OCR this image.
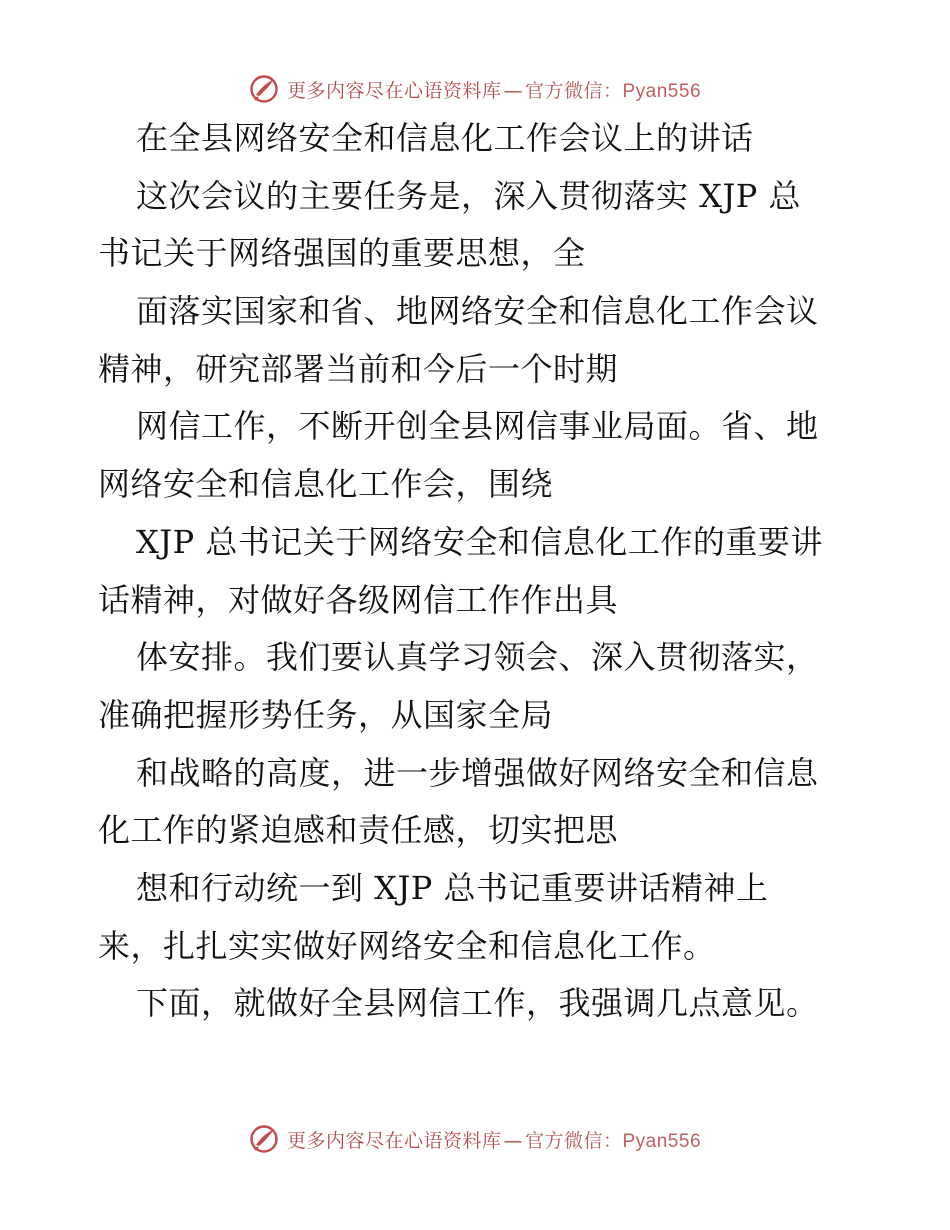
更多内容尽在心语资料库 — 官方微信：Pyan556
在全县网络安全和信息化工作会议上的讲话
这次会议的主要任务是，深入贯彻落实 XJP 总
书记关于网络强国的重要思想，全
面落实国家和省、地网络安全和信息化工作会议
精神，研究部署当前和今后一个时期
网信工作，不断开创全县网信事业局面。省、地
网络安全和信息化工作会，围绕
XJP 总书记关于网络安全和信息化工作的重要讲
话精神，对做好各级网信工作作出具
体安排。我们要认真学习领会、深入贯彻落实，
准确把握形势任务，从国家全局
和战略的高度，进一步增强做好网络安全和信息
化工作的紧迫感和责任感，切实把思
想和行动统一到 XJP 总书记重要讲话精神上
来，扎扎实实做好网络安全和信息化工作。
下面，就做好全县网信工作，我强调几点意见。
更多内容尽在心语资料库 — 官方微信：Pyan556
